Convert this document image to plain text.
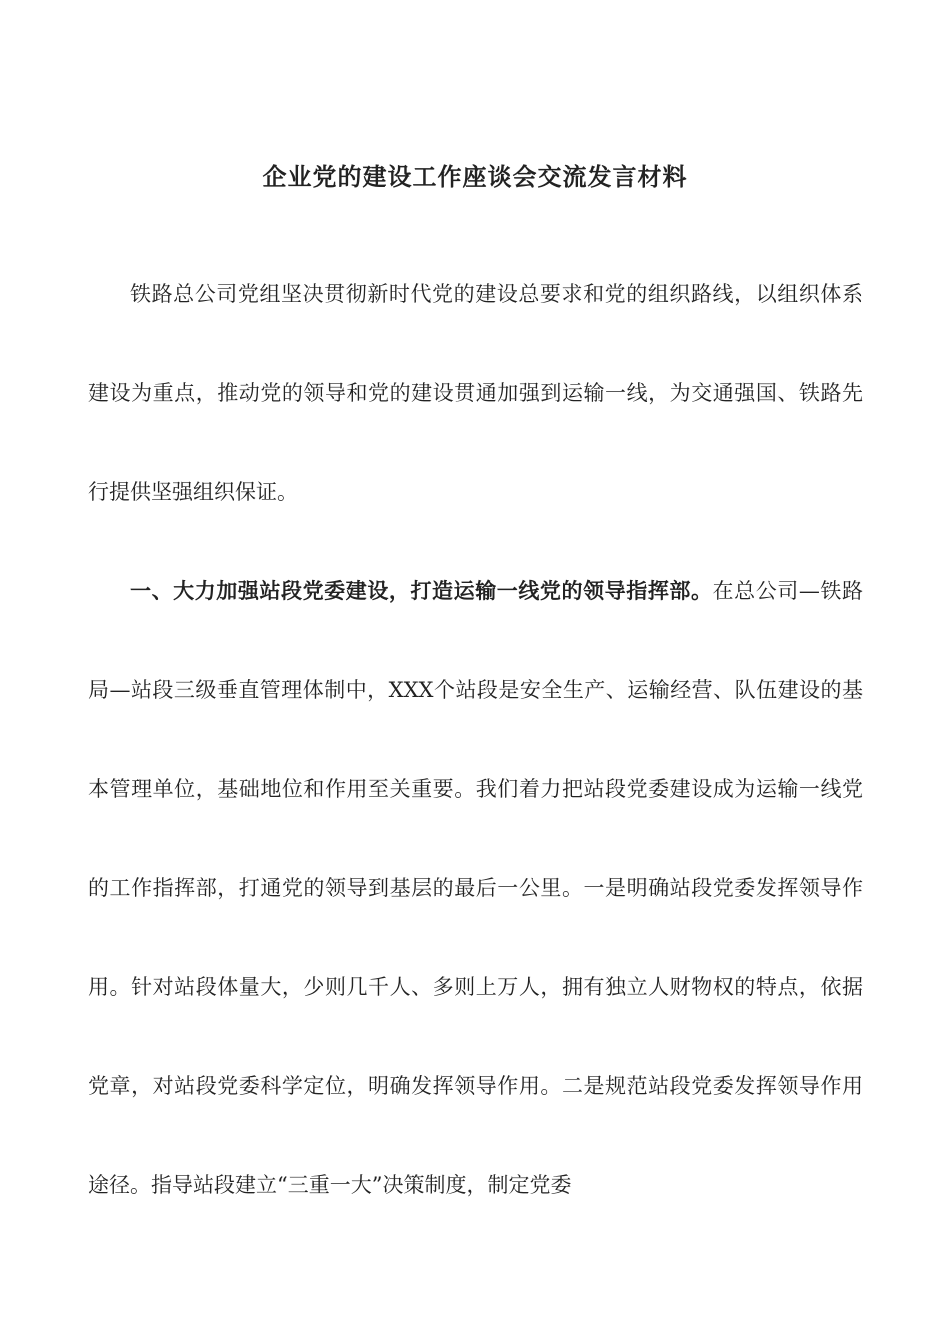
企业党的建设工作座谈会交流发言材料

铁路总公司党组坚决贯彻新时代党的建设总要求和党的组织路线，以组织体系建设为重点，推动党的领导和党的建设贯通加强到运输一线，为交通强国、铁路先行提供坚强组织保证。

一、大力加强站段党委建设，打造运输一线党的领导指挥部。在总公司—铁路局—站段三级垂直管理体制中，XXX个站段是安全生产、运输经营、队伍建设的基本管理单位，基础地位和作用至关重要。我们着力把站段党委建设成为运输一线党的工作指挥部，打通党的领导到基层的最后一公里。一是明确站段党委发挥领导作用。针对站段体量大，少则几千人、多则上万人，拥有独立人财物权的特点，依据党章，对站段党委科学定位，明确发挥领导作用。二是规范站段党委发挥领导作用途径。指导站段建立“三重一大”决策制度，制定党委
